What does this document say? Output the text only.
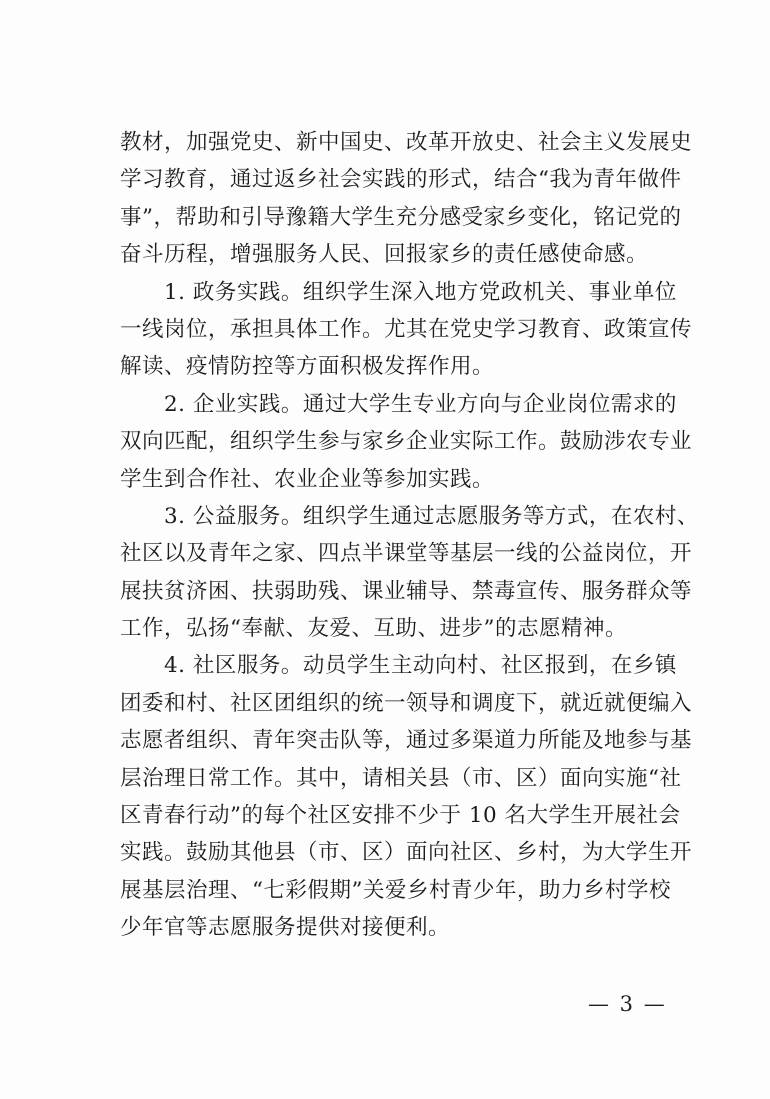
教材，加强党史、新中国史、改革开放史、社会主义发展史
学习教育，通过返乡社会实践的形式，结合“我为青年做件
事”，帮助和引导豫籍大学生充分感受家乡变化，铭记党的
奋斗历程，增强服务人民、回报家乡的责任感使命感。
　　1. 政务实践。组织学生深入地方党政机关、事业单位
一线岗位，承担具体工作。尤其在党史学习教育、政策宣传
解读、疫情防控等方面积极发挥作用。
　　2. 企业实践。通过大学生专业方向与企业岗位需求的
双向匹配，组织学生参与家乡企业实际工作。鼓励涉农专业
学生到合作社、农业企业等参加实践。
　　3. 公益服务。组织学生通过志愿服务等方式，在农村、
社区以及青年之家、四点半课堂等基层一线的公益岗位，开
展扶贫济困、扶弱助残、课业辅导、禁毒宣传、服务群众等
工作，弘扬“奉献、友爱、互助、进步”的志愿精神。
　　4. 社区服务。动员学生主动向村、社区报到，在乡镇
团委和村、社区团组织的统一领导和调度下，就近就便编入
志愿者组织、青年突击队等，通过多渠道力所能及地参与基
层治理日常工作。其中，请相关县（市、区）面向实施“社
区青春行动”的每个社区安排不少于 10 名大学生开展社会
实践。鼓励其他县（市、区）面向社区、乡村，为大学生开
展基层治理、“七彩假期”关爱乡村青少年，助力乡村学校
少年官等志愿服务提供对接便利。
— 3 —
